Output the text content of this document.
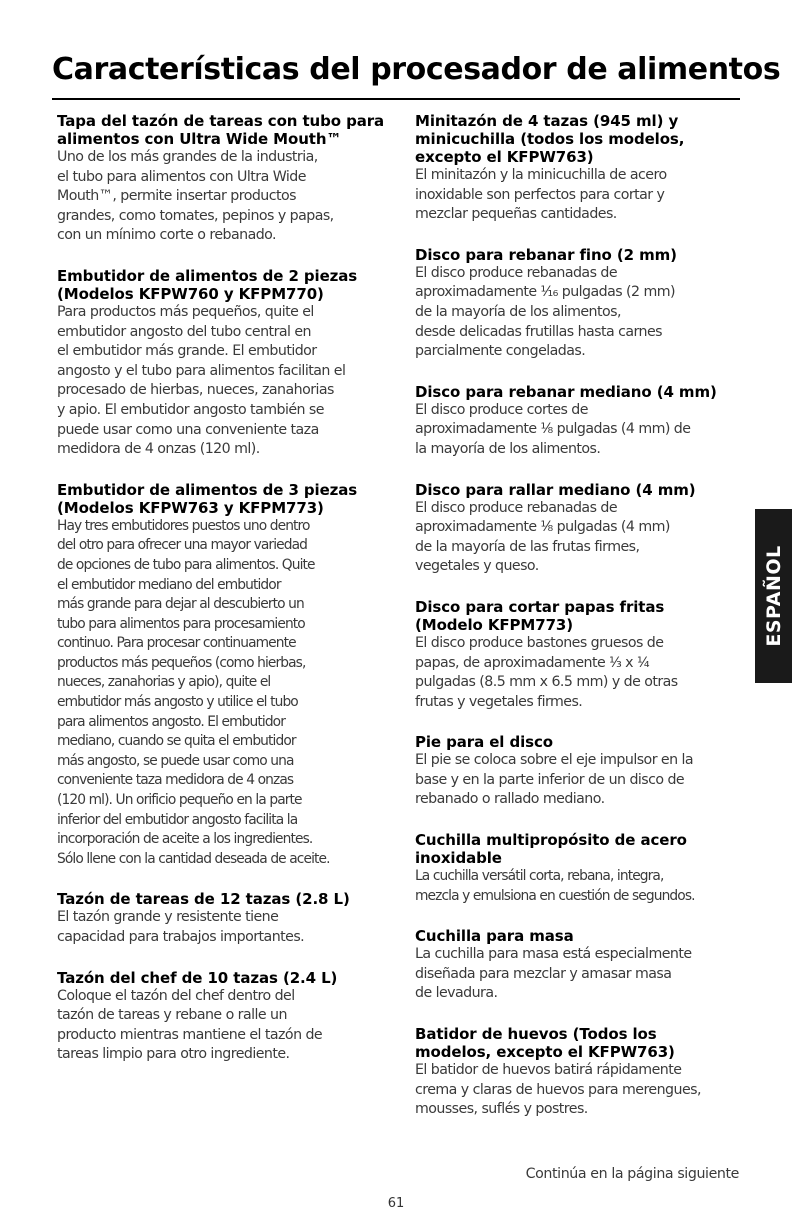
Características del procesador de alimentos
Tapa del tazón de tareas con tubo para
alimentos con Ultra Wide Mouth™
Uno de los más grandes de la industria,
el tubo para alimentos con Ultra Wide
Mouth™, permite insertar productos
grandes, como tomates, pepinos y papas,
con un mínimo corte o rebanado.
Embutidor de alimentos de 2 piezas
(Modelos KFPW760 y KFPM770)
Para productos más pequeños, quite el
embutidor angosto del tubo central en
el embutidor más grande. El embutidor
angosto y el tubo para alimentos facilitan el
procesado de hierbas, nueces, zanahorias
y apio. El embutidor angosto también se
puede usar como una conveniente taza
medidora de 4 onzas (120 ml).
Embutidor de alimentos de 3 piezas
(Modelos KFPW763 y KFPM773)
Hay tres embutidores puestos uno dentro
del otro para ofrecer una mayor variedad
de opciones de tubo para alimentos. Quite
el embutidor mediano del embutidor
más grande para dejar al descubierto un
tubo para alimentos para procesamiento
continuo. Para procesar continuamente
productos más pequeños (como hierbas,
nueces, zanahorias y apio), quite el
embutidor más angosto y utilice el tubo
para alimentos angosto. El embutidor
mediano, cuando se quita el embutidor
más angosto, se puede usar como una
conveniente taza medidora de 4 onzas
(120 ml). Un orificio pequeño en la parte
inferior del embutidor angosto facilita la
incorporación de aceite a los ingredientes.
Sólo llene con la cantidad deseada de aceite.
Tazón de tareas de 12 tazas (2.8 L)
El tazón grande y resistente tiene
capacidad para trabajos importantes.
Tazón del chef de 10 tazas (2.4 L)
Coloque el tazón del chef dentro del
tazón de tareas y rebane o ralle un
producto mientras mantiene el tazón de
tareas limpio para otro ingrediente.
Minitazón de 4 tazas (945 ml) y
minicuchilla (todos los modelos,
excepto el KFPW763)
El minitazón y la minicuchilla de acero
inoxidable son perfectos para cortar y
mezclar pequeñas cantidades.
Disco para rebanar fino (2 mm)
El disco produce rebanadas de
aproximadamente ¹⁄₁₆ pulgadas (2 mm)
de la mayoría de los alimentos,
desde delicadas frutillas hasta carnes
parcialmente congeladas.
Disco para rebanar mediano (4 mm)
El disco produce cortes de
aproximadamente ¹⁄₈ pulgadas (4 mm) de
la mayoría de los alimentos.
Disco para rallar mediano (4 mm)
El disco produce rebanadas de
aproximadamente ¹⁄₈ pulgadas (4 mm)
de la mayoría de las frutas firmes,
vegetales y queso.
Disco para cortar papas fritas
(Modelo KFPM773)
El disco produce bastones gruesos de
papas, de aproximadamente ¹⁄₃ x ¹⁄₄
pulgadas (8.5 mm x 6.5 mm) y de otras
frutas y vegetales firmes.
Pie para el disco
El pie se coloca sobre el eje impulsor en la
base y en la parte inferior de un disco de
rebanado o rallado mediano.
Cuchilla multipropósito de acero
inoxidable
La cuchilla versátil corta, rebana, integra,
mezcla y emulsiona en cuestión de segundos.
Cuchilla para masa
La cuchilla para masa está especialmente
diseñada para mezclar y amasar masa
de levadura.
Batidor de huevos (Todos los
modelos, excepto el KFPW763)
El batidor de huevos batirá rápidamente
crema y claras de huevos para merengues,
mousses, suflés y postres.
Continúa en la página siguiente
61
ESPAÑOL
